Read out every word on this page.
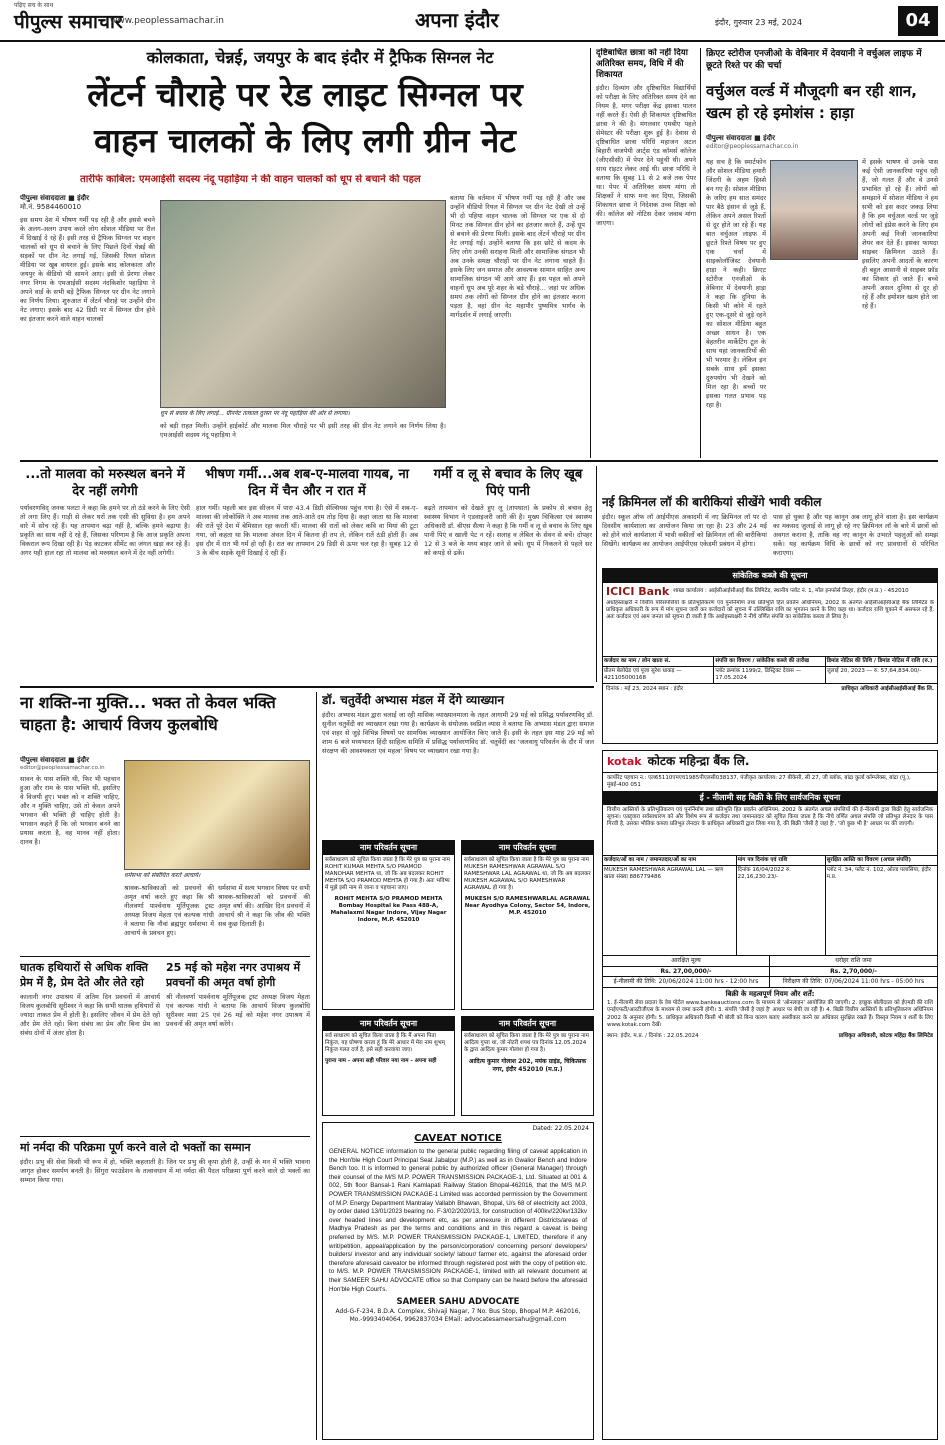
पढ़िए सच के साथ
पीपुल्स समाचार
www.peoplessamachar.in	अपना इंदौर	इंदौर, गुरुवार 23 मई, 2024	04
कोलकाता, चेन्नई, जयपुर के बाद इंदौर में ट्रैफिक सिग्नल नेट
लेंटर्न चौराहे पर रेड लाइट सिग्नल पर
वाहन चालकों के लिए लगी ग्रीन नेट
तारीफे काबिल: एमआईसी सदस्य नंदू पहाड़िया ने की वाहन चालकों को धूप से बचाने की पहल
पीपुल्स संवाददाता ■ इंदौर
मो.नं. 9584460010
इस समय देश में भीषण गर्मी पड़ रही है और इससे बचने के अलग-अलग उपाय करते लोग सोशल मीडिया पर रील में दिखाई दे रहे हैं। इसी तरह से ट्रैफिक सिग्नल पर वाहन चालकों को धूप से बचाने के लिए पिछले दिनों चेन्नई की सड़कों पर ग्रीन नेट लगाई गई, जिसकी रियल सोशल मीडिया पर खूब वायरल हुई। इसके बाद कोलकाता और जयपुर के वीडियो भी सामने आए। इसी से प्रेरणा लेकर नगर निगम के एमआईसी सदस्य नंदकिशोर पहाड़िया ने अपने वार्ड के सभी बड़े ट्रैफिक सिग्नल पर ग्रीन नेट लगाने का निर्णय लिया। शुरुआत में लेंटर्न चौराहे पर उन्होंने ग्रीन नेट लगाए। इसके बाद 42 डिग्री पर में सिग्नल ग्रीन होने का इंतजार करने वाले वाहन चालकों
धूप से बचाव के लिए लगाई... ग्रीननेट तत्काल दुरस्त पर नंदू पहाड़िया की ओर से लगाया।
को बड़ी राहत मिली। उन्होंने हाईकोर्ट और मालवा मिल चौराहे पर भी इसी तरह की ग्रीन नेट लगाने का निर्णय लिया है। एमआईसी सदस्य नंदू पहाड़िया ने
बताया कि वर्तमान में भीषण गर्मी पड़ रही है और जब उन्होंने वीडियो रियल में सिग्नल पर ग्रीन नेट देखी तो उन्हें भी दो पहिया वाहन चालक जो सिग्नल पर एक से दो मिनट तक सिग्नल ग्रीन होने का इंतजार करते हैं, उन्हें धूप से बचाने की प्रेरणा मिली। इसके बाद लेंटर्न चौराहे पर ग्रीन नेट लगाई गई। उन्होंने बताया कि इस छोटे से कदम के लिए लोग उनकी सराहना मिली और सामाजिक संगठन भी अब उनके समक्ष चौराहों पर ग्रीन नेट लगाना चाहते हैं। इसके लिए जन समाज और आवश्यक सामान साहित अन्य सामाजिक संगठन भी आगे आए हैं। इस पहल को अपने वाहनों धूप अब पूरे शहर के बड़े चौराहे... जहां पर अधिक समय तक लोगों को सिग्नल ग्रीन होने का इंतजार करना पड़ता है, वहां ग्रीन नेट महापौर पुष्यमित्र भार्गव के मार्गदर्शन में लगाई जाएगी।
दृष्टिबाधित छात्रा को नहीं दिया अतिरिक्त समय, विधि में की शिकायत
इंदौर। दिव्यांग और दृष्टिबाधित विद्यार्थियों को परीक्षा के लिए अतिरिक्त समय देने का नियम है, मगर परीक्षा केंद्र इसका पालन नहीं करते हैं। ऐसी ही शिकायत दृष्टिबाधित छात्रा ने की है। मंगलवार एमबीए पहले सेमेस्टर की परीक्षा शुरू हुई है। देवास से दृष्टिबाधित छात्रा परिधि महाजन अटल बिहारी वाजपेयी आर्ट्स एंड कॉमर्स कॉलेज (जीएसीसी) में पेपर देने पहुंची थी। अपने साथ राइटर लेकर आई थी। छात्रा परिधि ने बताया कि सुबह 11 से 2 बजे तक पेपर था। पेपर में अतिरिक्त समय मांगा तो शिक्षकों ने साफ मना कर दिया, जिसकी शिकायत छात्रा ने निदेशक उच्च शिक्षा को की। कॉलेज को नोटिस देकर जवाब मांगा जाएगा।
क्रिएट स्टोरीज एनजीओ के वेबिनार में देवयानी ने वर्चुअल लाइफ में छूटते रिश्ते पर की चर्चा
वर्चुअल वर्ल्ड में मौजूदगी बन रही शान, खत्म हो रहे इमोशंस : हाड़ा
पीपुल्स संवाददाता ■ इंदौर
editor@peoplessamachar.co.in
यह सच है कि स्मार्टफोन और सोशल मीडिया हमारी जिंदगी के अहम हिस्से बन गए हैं। सोशल मीडिया के जरिए हम सात समंदर पार बैठे इंसान से जुड़े हैं, लेकिन अपने असल रिश्तों से दूर होते जा रहे हैं। यह बात वर्चुअल लाइफ में छूटते रिश्ते विषय पर हुए एक चर्चा में साइकोलॉजिस्ट देवयानी हाड़ा ने कही। क्रिएट स्टोरीज एनजीओ के वेबिनार में देवयानी हाड़ा ने कहा कि दुनिया के किसी भी कोने में रहते हुए एक-दूसरे से जुड़े रहने का सोशल मीडिया बहुत अच्छा साधन है। एक बेहतरीन मार्केटिंग टूल के साथ यहां जानकारियों की भी भरमार है। लेकिन इन सबके साथ हमें इसका दुरुपयोग भी देखने को मिल रहा है। बच्चों पर इसका गलत प्रभाव पड़ रहा है।
में इसके भाषण से उनके पास कई ऐसी जानकारियां पहुंच रही हैं, जो गलत हैं और वे उनसे प्रभावित हो रहे हैं। लोगों को समझाने में सोशल मीडिया ने हम सभी को इस कदर जकड़ लिया है कि हम वर्चुअल वर्ल्ड पर जुड़े लोगों को इंप्रेस करने के लिए हम अपनी कई निजी जानकारियां शेयर कर देते हैं। इसका फायदा साइबर क्रिमिनल उठाते हैं। इसलिए अपनी आदतों के कारण ही बहुत आसानी से साइबर फ्रॉड का शिकार हो जाते हैं। बच्चे अपनी असल दुनिया से दूर हो रहे हैं और इमोशन खत्म होते जा रहे हैं।
...तो मालवा को मरुस्थल बनने में देर नहीं लगेगी
पर्यावरणविद् जनक पलटा ने कहा कि हमने पर तो ठंडे करने के लिए ऐसी तो लगा लिए हैं। गाड़ी से लेकर घरों तक एसी की सुविधा है। हम अपने वारे में सोच रहे हैं। यह तापमान बढ़ा नहीं है, बल्कि हमने बढ़ाया है। प्रकृति का साथ नहीं दे रहे हैं, जिसका परिणाम है कि आज प्रकृति अपना विकराल रूप दिखा रही है। पेड़ काटकर सीमेंट का जंगल खड़ा कर रहे हैं। अगर यही हाल रहा तो मालवा को मरुस्थल बनने में देर नहीं लगेगी।
भीषण गर्मी...अब शब-ए-मालवा गायब, ना दिन में चैन और न रात में
हाल गर्मी। पहली बार इस सीजन में पारा 43.4 डिग्री सेल्सियस पहुंच गया है। ऐसे में शब-ए-मालवा की लोकोक्ति ने अब मालवा तक आते-आते दम तोड़ दिया है। कहा जाता था कि मालवा की रातें पूरे देश में बेमिसाल रहा करती थीं। मालवा की रातों को लेकर कवि वा मियां की टूटा गया, जो कहता था कि मालवा अंचल दिन में कितना ही तप ले, लेकिन रातें ठंडी होती हैं। अब इस दौर में रात भी गर्म हो रही है। रात का तापमान 29 डिग्री से ऊपर चल रहा है। सुबह 12 से 3 के बीच सड़कें सूनी दिखाई दे रही हैं।
गर्मी व लू से बचाव के लिए खूब पिएं पानी
बढ़ते तापमान को देखते हुए लू (तापघात) के प्रकोप से बचाव हेतु स्वास्थ्य विभाग ने एडवाइजरी जारी की है। मुख्य चिकित्सा एवं स्वास्थ्य अधिकारी डॉ. बीएस सैत्या ने कहा है कि गर्मी व लू से बचाव के लिए खूब पानी पिएं व खाली पेट न रहें। सलाह व लेबिल के सेवन से बचें। दोपहर 12 से 3 बजे के मध्य बाहर जाने से बचें। धूप में निकलने से पहले सर को कपड़े से ढकें।
नई क्रिमिनल लॉ की बारीकियां सीखेंगे भावी वकील
इंदौर। स्कूल ऑफ लॉ आईपीएस अकादमी में नए क्रिमिनल लॉ पर दो दिवसीय कार्यशाला का आयोजन किया जा रहा है। 23 और 24 मई को होने वाले कार्यशाला में भावी वकीलों को क्रिमिनल लॉ की बारीकियां सिखेंगे। कार्यक्रम का आयोजन आईपीएस एकेडमी प्रबंधन में होगा।
पास हो चुका है और यह कानून अब लागू होने वाला है। इस कार्यक्रम का मकसद जुलाई से लागू हो रहे नए क्रिमिनल लॉ के बारे में छात्रों को अवगत कराना है, ताकि वह नए कानून के उभरते पहलुओं को समझ सकें। यह कार्यक्रम विधि के छात्रों को नए प्रावधानों से परिचित कराएगा।
सांकेतिक कब्जे की सूचना
ICICI Bank शाखा कार्यालय : आईसीआईसीआई बैंक लिमिटेड, स्थानीय प्लॉट नं. 1, मॉल इनफोर्स तिरहा, इंदौर (म.प्र.) - 452010
अधोहस्ताक्षरी ने वित्तीय परिसंपत्तियों के प्रतिभूतिकरण एवं पुनर्निर्माण तथा प्रतिभूति हित प्रवर्तन अधिनियम, 2002 के अंतर्गत आईसीआईसीआई बैंक लिमिटेड के प्राधिकृत अधिकारी के रूप में मांग सूचना जारी कर कर्जदारों को सूचना में उल्लिखित राशि का भुगतान करने के लिए कहा था। कर्जदार राशि चुकाने में असफल रहे हैं, अतः कर्जदार एवं आम जनता को सूचना दी जाती है कि अधोहस्ताक्षरी ने नीचे वर्णित संपत्ति का सांकेतिक कब्जा ले लिया है।
कर्जदार का नाम / लोन खाता सं.	संपत्ति का विवरण / सांकेतिक कब्जे की तारीख	डिमांड नोटिस की तिथि / डिमांड नोटिस में राशि (रु.)
प्रीतम बेलोग्रेड एवं पूजा सुरेश धाकड़ — 421105000168
प्लॉट क्रमांक 1199/2, डिस्ट्रिक्ट देवास — 17.05.2024
जुलाई 20, 2023 — रु. 57,64,834.00/-
दिनांक : मई 23, 2024 स्थान : इंदौर	प्राधिकृत अधिकारी आईसीआईसीआई बैंक लि.
ना शक्ति-ना मुक्ति... भक्त तो केवल भक्ति
चाहता है: आचार्य विजय कुलबोधि
पीपुल्स संवाददाता ■ इंदौर
editor@peoplessamachar.co.in
सावन के पास शक्ति थी, फिर भी पहचान हुआ और राम के पास भक्ति थी, इसलिए वे विजयी हुए। भक्त को न शक्ति चाहिए, और न मुक्ति चाहिए, उसे तो केवल अपने भगवान की भक्ति ही चाहिए होती है। भगवान कहते हैं कि जो भगवान बनने का प्रयास करता है, वह मानव नहीं होता। दानव है।
धर्मसभा को संबोधित करते आचार्य।
श्रावक-श्राविकाओं को प्रवचनों की अमृत वर्षा करते हुए कहा कि श्री नीलवर्णा पार्श्वनाथ मूर्तिपूजक ट्रस्ट अध्यक्ष विजय मेहता एवं कल्पक गांधी ने बताया कि नौवां ब्रह्मपुर धर्मसभा में आचार्य के प्रवचन हुए।
धर्मसभा में सत्य भगवान विषय पर सभी श्रावक-श्राविकाओं को प्रवचनों की अमृत वर्षा की। आखिर दिन प्रवचनों में आचार्य श्री ने कहा कि जीव की भक्ति सब कुछ दिलाती है।
घातक हथियारों से अधिक शक्ति प्रेम में है, प्रेम देते और लेते रहो
कालानी नगर उपाश्रय में अतिम दिन प्रवचनों में आचार्य विजय कुलबोधि सूरीश्वर ने कहा कि सभी घातक हथियारों से ज्यादा ताकत प्रेम में होती है। इसलिए जीवन में प्रेम देते रहो और प्रेम लेते रहो। बिना संबंध का प्रेम और बिना प्रेम का संबंध दोनों में अंतर होता है।
25 मई को महेश नगर उपाश्रय में प्रवचनों की अमृत वर्षा होगी
श्री नीलवर्णा पार्श्वनाथ मूर्तिपूजक ट्रस्ट अध्यक्ष विजय मेहता एवं कल्पक गांधी ने बताया कि आचार्य विजय कुलबोधि सूरीश्वर मसा 25 एवं 26 मई को महेश नगर उपाश्रय में प्रवचनों की अमृत वर्षा करेंगे।
मां नर्मदा की परिक्रमा पूर्ण करने वाले दो भक्तों का सम्मान
इंदौर। प्रभु की सेवा किसी भी रूप में हो, भक्ति कहलाती है। जिन पर प्रभु की कृपा होती है, उन्हीं के मन में भक्ति भावना जागृत होकर समर्पण बनती है। सिंगुरा फाउंडेशन के तत्वावधान में मां नर्मदा की पैदल परिक्रमा पूर्ण करने वाले दो भक्तों का सम्मान किया गया।
डॉ. चतुर्वेदी अभ्यास मंडल में देंगे व्याख्यान
इंदौर। अभ्यास मंडल द्वारा चलाई जा रही मासिक व्याख्यानमाला के तहत आगामी 29 मई को प्रसिद्ध पर्यावरणविद् डॉ. सुनील चतुर्वेदी का व्याख्यान रखा गया है। कार्यक्रम के संयोजक स्वप्निल व्यास ने बताया कि अभ्यास मंडल द्वारा समाज एवं शहर से जुड़े विभिन्न विषयों पर सामयिक व्याख्यान आयोजित किए जाते हैं। इसी के तहत इस माह 29 मई को शाम 6 बजे मध्यभारत हिंदी साहित्य समिति में प्रसिद्ध पर्यावरणविद डॉ. चतुर्वेदी का 'जलवायु परिवर्तन के दौर में जल संरक्षण की आवश्यकता एवं महत्व' विषय पर व्याख्यान रखा गया है।
नाम परिवर्तन सूचना
सर्वसाधारण को सूचित किया जाता है कि मेरे पुत्र का पुराना नाम ROHIT KUMAR MEHTA S/O PRAMOD MANOHAR MEHTA था, जो कि अब बदलकर ROHIT MEHTA S/O PRAMOD MEHTA हो गया है। अतः भविष्य में मुझे इसी नाम से जाना व पहचाना जाए।
ROHIT MEHTA S/O PRAMOD MEHTA Bombay Hospital ke Pass 488-A, Mahalaxmi Nagar Indore, Vijay Nagar Indore, M.P. 452010
नाम परिवर्तन सूचना
सर्वसाधारण को सूचित किया जाता है कि मेरे पुत्र का पुराना नाम MUKESH RAMESHWAR AGRAWAL S/O RAMESHWAR LAL AGRAWAL था, जो कि अब बदलकर MUKESH AGRAWAL S/O RAMESHWAR AGRAWAL हो गया है।
MUKESH S/O RAMESHWARLAL AGRAWAL Near Ayodhya Colony, Sector 54, Indore, M.P. 452010
नाम परिवर्तन सूचना
सर्व साधारण को सूचित किया जाता है कि मैं अपना पिता निकुंज, यह घोषणा करता हूं कि मेरे आधार में मेरा नाम शुभम् निकुंज गलत दर्ज है, इसे सही करवाया जाए।
पुराना नाम - अपना सही परिवार नया नाम - अपना सही
नाम परिवर्तन सूचना
सर्वसाधारण को सूचित किया जाता है कि मेरे पुत्र का पुराना नाम आदित्य गुप्ता था, जो नोटरी शपथ पत्र दिनांक 12.05.2024 के द्वारा आदित्य कुमार गोलाश हो गया है।
आदित्य कुमार गोलाश 202, मयंक ग्राइंड, चिकित्सक नगर, इंदौर 452010 (म.प्र.)
Dated: 22.05.2024
CAVEAT NOTICE
GENERAL NOTICE information to the general public regarding filing of caveat application in the Hon'ble High Court Principal Seat Jabalpur (M.P.) as well as in Gwalior Bench and Indore Bench too. It is informed to general public by authorized officer (General Manager) through their counsel of the M/S M.P. POWER TRANSMISSION PACKAGE-1, Ltd. Situated at 001 & 002, 5th floor Bansal-1 Rani Kamlapati Railway Station Bhopal-462016, that the M/S M.P. POWER TRANSMISSION PACKAGE-1 Limited was accorded permission by the Government of M.P. Energy Department Mantralay Vallabh Bhawan, Bhopal, U/s 68 of electricity act 2003, by order dated 13/01/2023 bearing no. F-3/02/2020/13, for construction of 400kv/220kv/132kv over headed lines and development etc, as per annexure in different Districts/areas of Madhya Pradesh as per the terms and conditions and in this regard a caveat is being preferred by M/S. M.P. POWER TRANSMISSION PACKAGE-1, LIMITED, therefore if any writ/petition, appeal/application by the person/corporation/ concerning person/ developers/ builders/ investor and any individual/ society/ labour/ farmer etc, against the aforesaid order therefore aforesaid caveator be informed through registered post with the copy of petition etc. to M/S. M.P. POWER TRANSMISSION PACKAGE-1, limited with all relevant document at their SAMEER SAHU ADVOCATE office so that Company can be heard before the aforesaid Hon'ble High Court's.
SAMEER SAHU ADVOCATE
Add-G-F-234, B.D.A. Complex, Shivaji Nagar, 7 No. Bus Stop, Bhopal M.P. 462016, Mo.-9993404064, 9962837034 EMail: advocatesameersahu@gmail.com
kotak कोटक महिन्द्रा बैंक लि.
कार्पोरेट पहचान न.: एल65110एमएच1985पीएलसी038137, पंजीकृत कार्यालय: 27 बीकेसी, सी 27, जी ब्लॉक, बांद्रा कुर्ला कॉम्प्लेक्स, बांद्रा (पू.), मुंबई-400 051
ई - नीलामी सह बिक्री के लिए सार्वजनिक सूचना
वित्तीय आस्तियों के प्रतिभूतिकरण एवं पुनर्निर्माण तथा प्रतिभूति हित प्रवर्तन अधिनियम, 2002 के अंतर्गत अचल संपत्तियों की ई-नीलामी द्वारा बिक्री हेतु सार्वजनिक सूचना। एतद्द्वारा सर्वसाधारण को और विशेष रूप से कर्जदार तथा जमानतदार को सूचित किया जाता है कि नीचे वर्णित अचल संपत्ति जो प्रतिभूत लेनदार के पास गिरवी है, उसका भौतिक कब्जा प्रतिभूत लेनदार के प्राधिकृत अधिकारी द्वारा लिया गया है, की बिक्री 'जैसी है जहां है', 'जो कुछ भी है' आधार पर की जाएगी।
कर्जदार/ओं का नाम / जमानतदार/ओं का नाम	मांग पत्र दिनांक एवं राशि	सुरक्षित आस्ति का विवरण (अचल संपत्ति)
MUKESH RAMESHWAR AGRAWAL LAL — ऋण खाता संख्या 886779486
दिनांक 16/04/2022 रु. 22,16,230.23/-
प्लॉट नं. 34, फ्लैट नं. 102, ओल्ड पलासिया, इंदौर म.प्र.
आरक्षित मूल्य	धरोहर राशि जमा
Rs. 27,00,000/-	Rs. 2,70,000/-
ई-नीलामी की तिथि: 20/06/2024 11:00 hrs - 12:00 hrs	निरीक्षण की तिथि: 07/06/2024 11:00 hrs - 05:00 hrs
बिक्री के महत्वपूर्ण नियम और शर्तें:
1. ई-नीलामी सेवा प्रदाता के वेब पोर्टल www.bankeauctions.com के माध्यम से 'ऑनलाइन' आयोजित की जाएगी। 2. इच्छुक बोलीदाता को ईएमडी की राशि एनईएफटी/आरटीजीएस के माध्यम से जमा करनी होगी। 3. संपत्ति 'जैसी है जहां है' आधार पर बेची जा रही है। 4. बिक्री वित्तीय आस्तियों के प्रतिभूतिकरण अधिनियम 2002 के अनुसार होगी। 5. प्राधिकृत अधिकारी किसी भी बोली को बिना कारण बताए अस्वीकार करने का अधिकार सुरक्षित रखते हैं। विस्तृत नियम व शर्तों के लिए www.kotak.com देखें।
स्थान: इंदौर, म.प्र. / दिनांक : 22.05.2024	प्राधिकृत अधिकारी, कोटक महिंद्रा बैंक लिमिटेड
